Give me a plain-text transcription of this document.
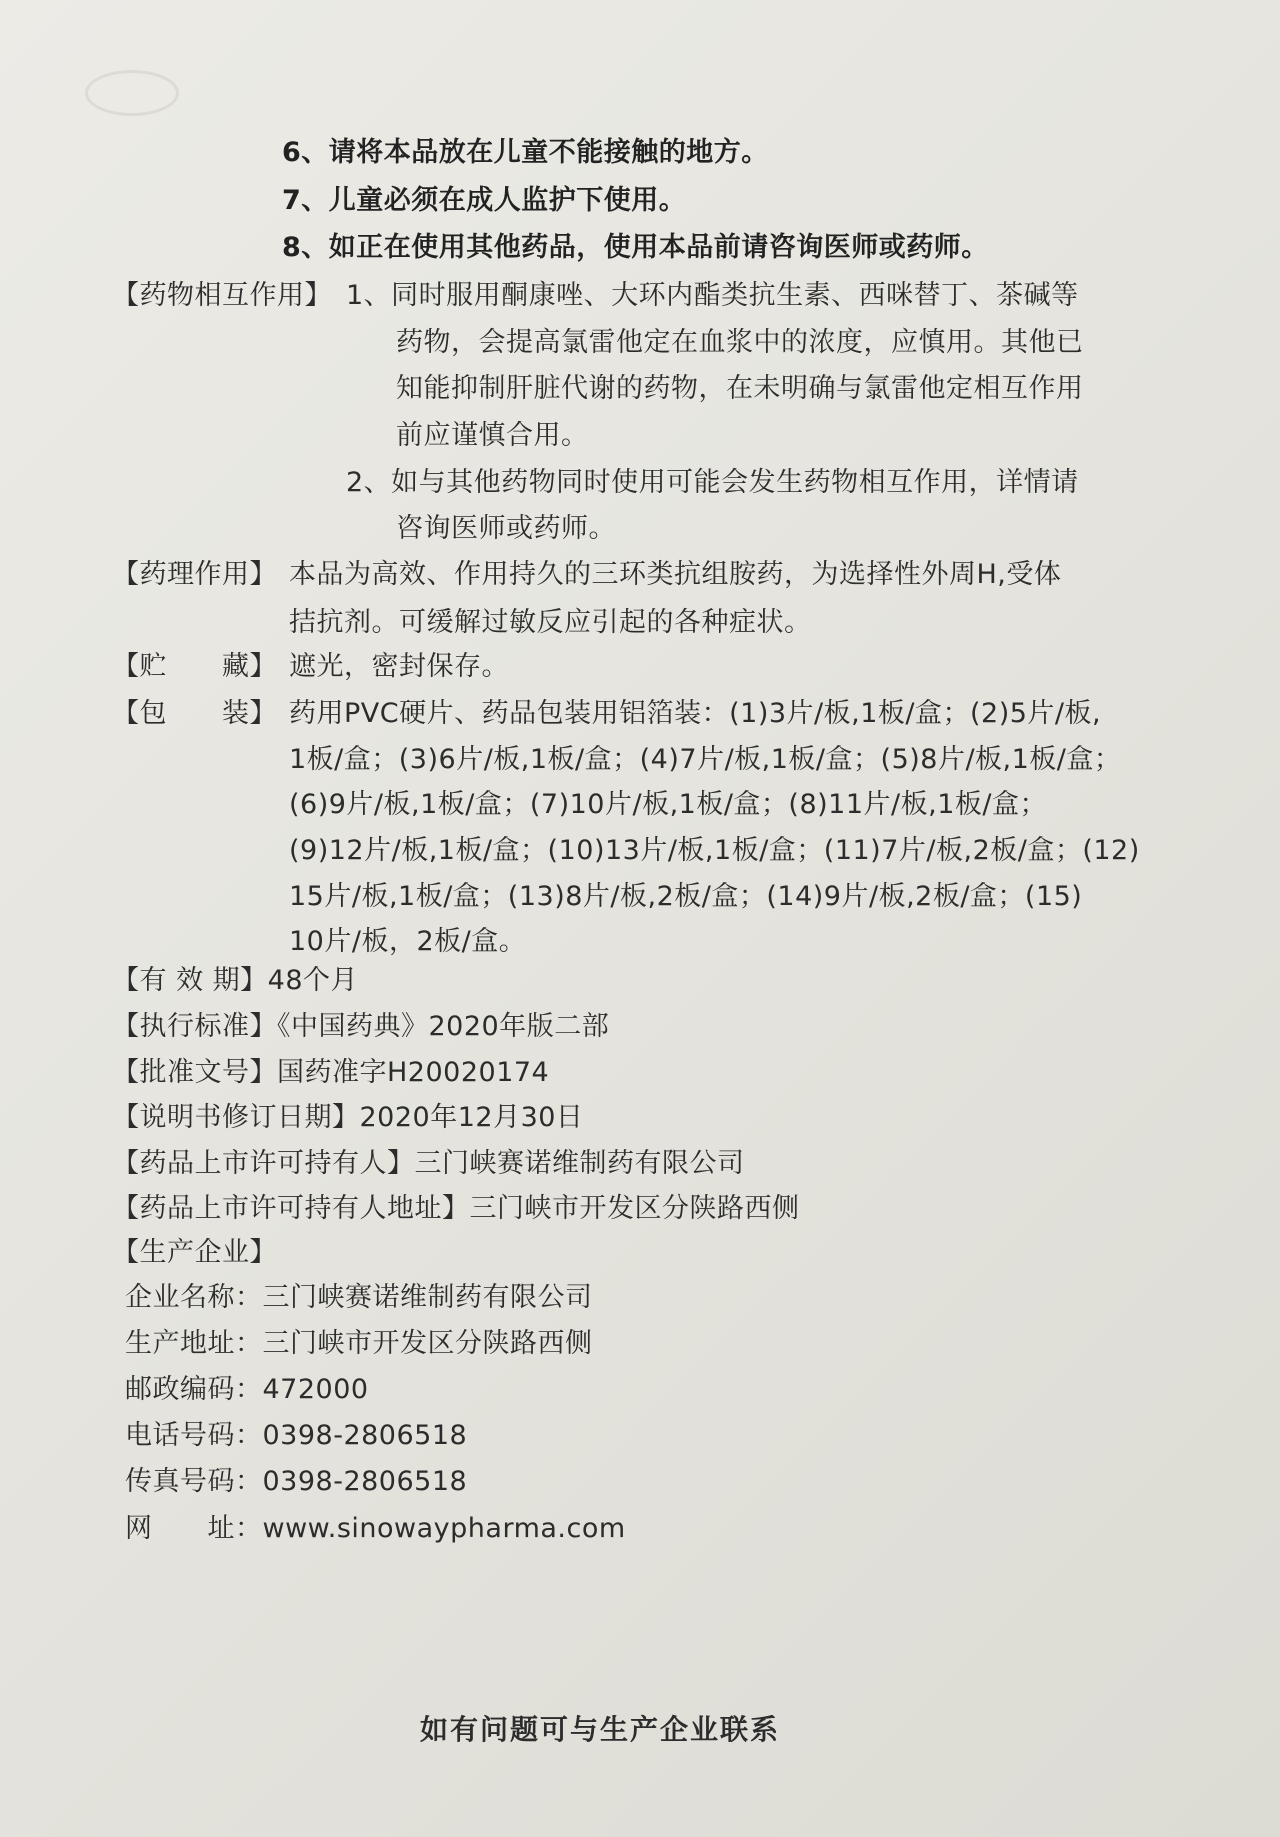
6、请将本品放在儿童不能接触的地方。
7、儿童必须在成人监护下使用。
8、如正在使用其他药品，使用本品前请咨询医师或药师。
【药物相互作用】 1、同时服用酮康唑、大环内酯类抗生素、西咪替丁、茶碱等
药物，会提高氯雷他定在血浆中的浓度，应慎用。其他已
知能抑制肝脏代谢的药物，在未明确与氯雷他定相互作用
前应谨慎合用。
2、如与其他药物同时使用可能会发生药物相互作用，详情请
咨询医师或药师。
【药理作用】 本品为高效、作用持久的三环类抗组胺药，为选择性外周H,受体
拮抗剂。可缓解过敏反应引起的各种症状。
【贮　　藏】 遮光，密封保存。
【包　　装】 药用PVC硬片、药品包装用铝箔装：(1)3片/板,1板/盒；(2)5片/板,
1板/盒；(3)6片/板,1板/盒；(4)7片/板,1板/盒；(5)8片/板,1板/盒；
(6)9片/板,1板/盒；(7)10片/板,1板/盒；(8)11片/板,1板/盒；
(9)12片/板,1板/盒；(10)13片/板,1板/盒；(11)7片/板,2板/盒；(12)
15片/板,1板/盒；(13)8片/板,2板/盒；(14)9片/板,2板/盒；(15)
10片/板，2板/盒。
【有 效 期】48个月
【执行标准】《中国药典》2020年版二部
【批准文号】国药准字H20020174
【说明书修订日期】2020年12月30日
【药品上市许可持有人】三门峡赛诺维制药有限公司
【药品上市许可持有人地址】三门峡市开发区分陕路西侧
【生产企业】
企业名称：三门峡赛诺维制药有限公司
生产地址：三门峡市开发区分陕路西侧
邮政编码：472000
电话号码：0398-2806518
传真号码：0398-2806518
网　　址：www.sinowaypharma.com
如有问题可与生产企业联系
